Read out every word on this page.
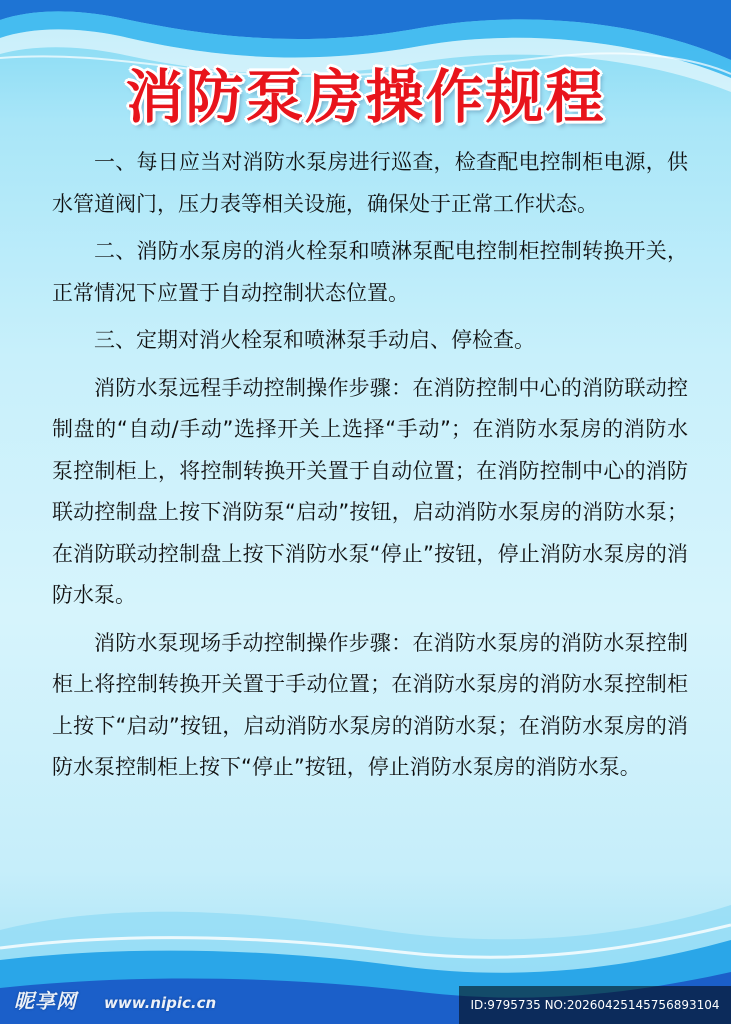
消防泵房操作规程

一、每日应当对消防水泵房进行巡查，检查配电控制柜电源，供水管道阀门，压力表等相关设施，确保处于正常工作状态。

二、消防水泵房的消火栓泵和喷淋泵配电控制柜控制转换开关，正常情况下应置于自动控制状态位置。

三、定期对消火栓泵和喷淋泵手动启、停检查。

消防水泵远程手动控制操作步骤：在消防控制中心的消防联动控制盘的“自动/手动”选择开关上选择“手动”；在消防水泵房的消防水泵控制柜上，将控制转换开关置于自动位置；在消防控制中心的消防联动控制盘上按下消防泵“启动”按钮，启动消防水泵房的消防水泵；在消防联动控制盘上按下消防水泵“停止”按钮，停止消防水泵房的消防水泵。

消防水泵现场手动控制操作步骤：在消防水泵房的消防水泵控制柜上将控制转换开关置于手动位置；在消防水泵房的消防水泵控制柜上按下“启动”按钮，启动消防水泵房的消防水泵；在消防水泵房的消防水泵控制柜上按下“停止”按钮，停止消防水泵房的消防水泵。

昵享网 www.nipic.cn	ID:9795735 NO:20260425145756893104
